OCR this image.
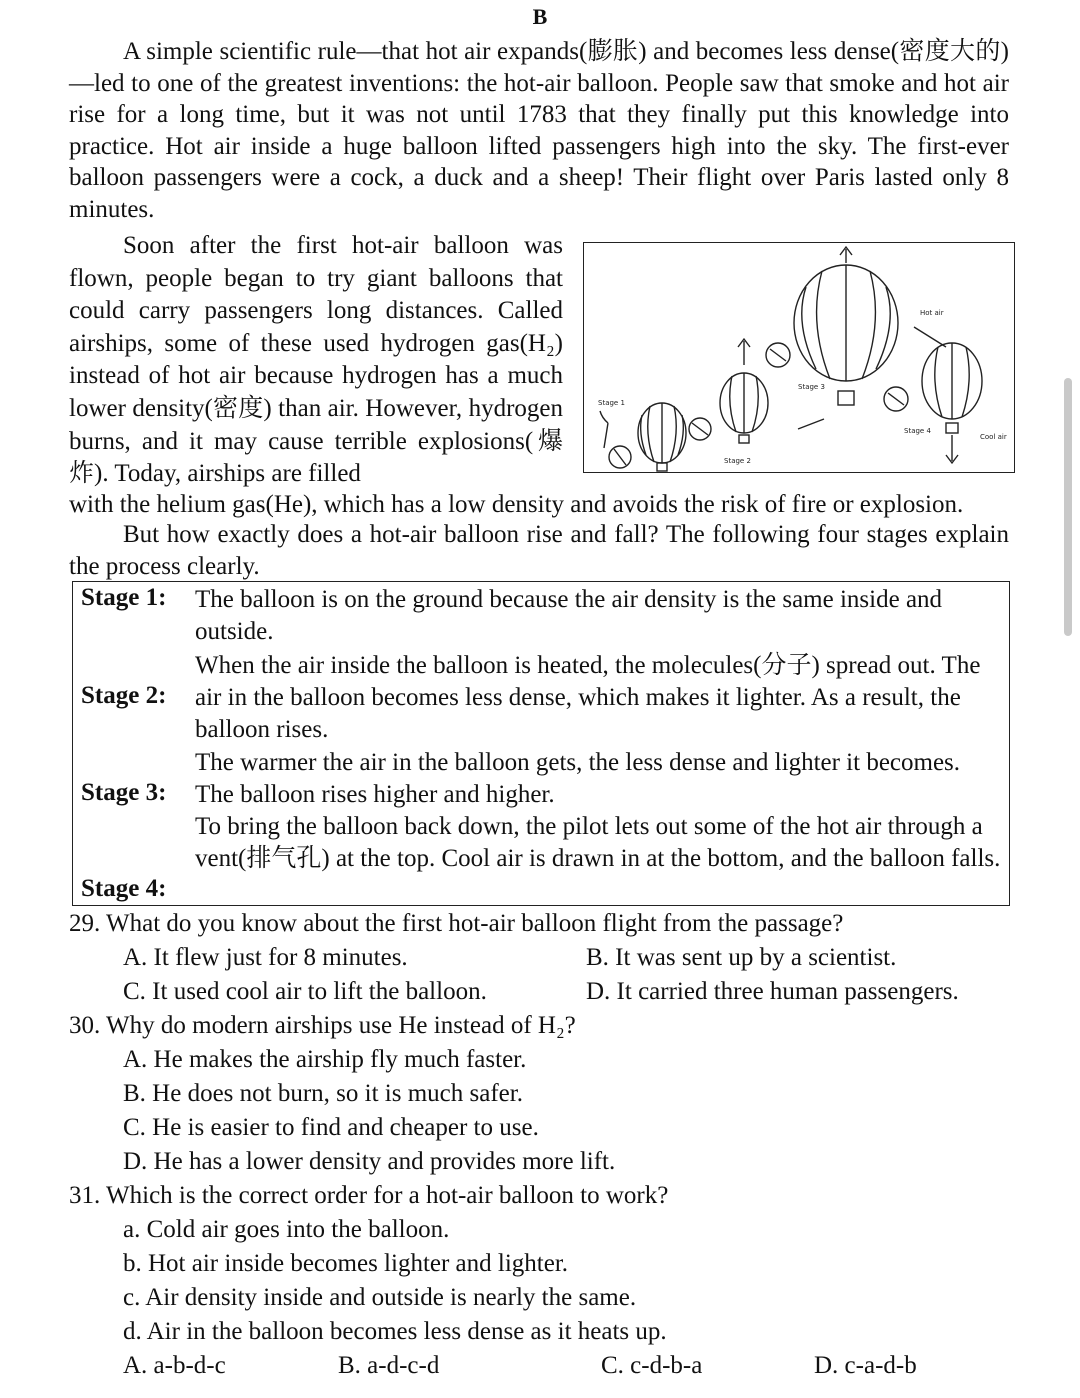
B

A simple scientific rule—that hot air expands(膨胀) and becomes less dense(密度大的)—led to one of the greatest inventions: the hot-air balloon. People saw that smoke and hot air rise for a long time, but it was not until 1783 that they finally put this knowledge into practice. Hot air inside a huge balloon lifted passengers high into the sky. The first-ever balloon passengers were a cock, a duck and a sheep! Their flight over Paris lasted only 8 minutes.

Soon after the first hot-air balloon was flown, people began to try giant balloons that could carry passengers long distances. Called airships, some of these used hydrogen gas(H₂) instead of hot air because hydrogen has a much lower density(密度) than air. However, hydrogen burns, and it may cause terrible explosions(爆炸). Today, airships are filled

Stage 1
Stage 2
Stage 3
Stage 4
Hot air
Cool air

with the helium gas(He), which has a low density and avoids the risk of fire or explosion.

But how exactly does a hot-air balloon rise and fall? The following four stages explain the process clearly.

Stage 1: The balloon is on the ground because the air density is the same inside and outside.
Stage 2:
When the air inside the balloon is heated, the molecules(分子) spread out. The air in the balloon becomes less dense, which makes it lighter. As a result, the balloon rises.
Stage 3:
The warmer the air in the balloon gets, the less dense and lighter it becomes. The balloon rises higher and higher.
Stage 4:
To bring the balloon back down, the pilot lets out some of the hot air through a vent(排气孔) at the top. Cool air is drawn in at the bottom, and the balloon falls.
29. What do you know about the first hot-air balloon flight from the passage?
A. It flew just for 8 minutes.	B. It was sent up by a scientist.
C. It used cool air to lift the balloon.	D. It carried three human passengers.
30. Why do modern airships use He instead of H₂?
A. He makes the airship fly much faster.
B. He does not burn, so it is much safer.
C. He is easier to find and cheaper to use.
D. He has a lower density and provides more lift.
31. Which is the correct order for a hot-air balloon to work?
a. Cold air goes into the balloon.
b. Hot air inside becomes lighter and lighter.
c. Air density inside and outside is nearly the same.
d. Air in the balloon becomes less dense as it heats up.
A. a-b-d-c	B. a-d-c-d	C. c-d-b-a	D. c-a-d-b
